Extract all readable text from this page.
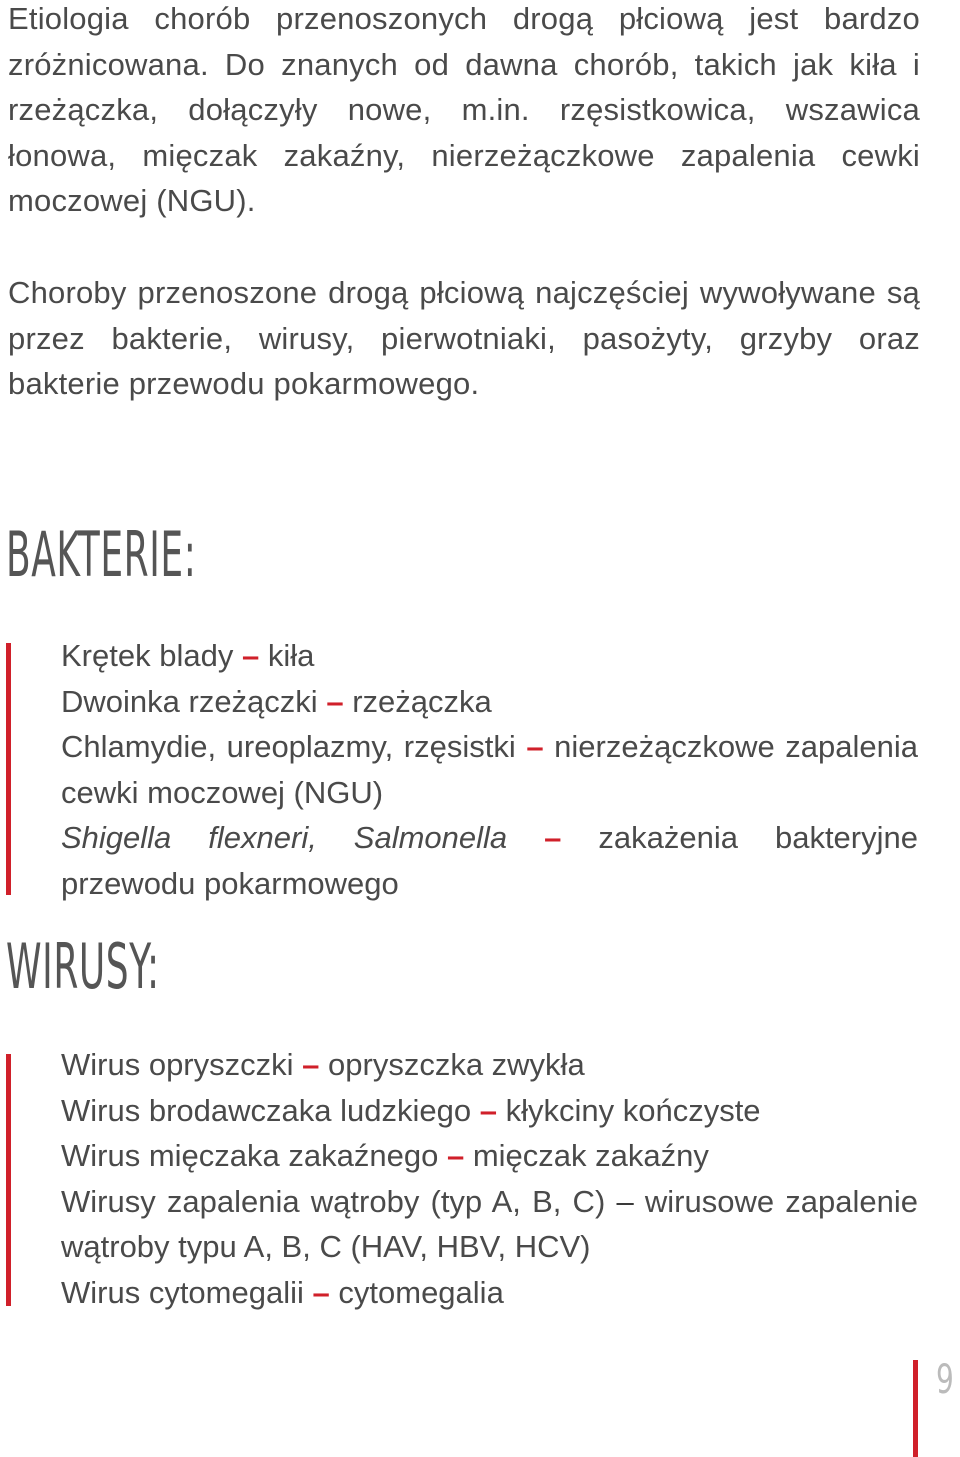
Etiologia chorób przenoszonych drogą płciową jest bardzo zróżnicowana. Do znanych od dawna chorób, takich jak kiła i rzeżączka, dołączyły nowe, m.in. rzęsistkowica, wszawica łonowa, mięczak zakaźny, nierzeżączkowe zapalenia cewki moczowej (NGU).

Choroby przenoszone drogą płciową najczęściej wywoływane są przez bakterie, wirusy, pierwotniaki, pasożyty, grzyby oraz bakterie przewodu pokarmowego.

BAKTERIE:
Krętek blady – kiła
Dwoinka rzeżączki – rzeżączka
Chlamydie, ureoplazmy, rzęsistki – nierzeżączkowe zapalenia cewki moczowej (NGU)
Shigella flexneri, Salmonella – zakażenia bakteryjne przewodu pokarmowego
WIRUSY:
Wirus opryszczki – opryszczka zwykła
Wirus brodawczaka ludzkiego – kłykciny kończyste
Wirus mięczaka zakaźnego – mięczak zakaźny
Wirusy zapalenia wątroby (typ A, B, C) – wirusowe zapalenie wątroby typu A, B, C (HAV, HBV, HCV)
Wirus cytomegalii – cytomegalia
9
